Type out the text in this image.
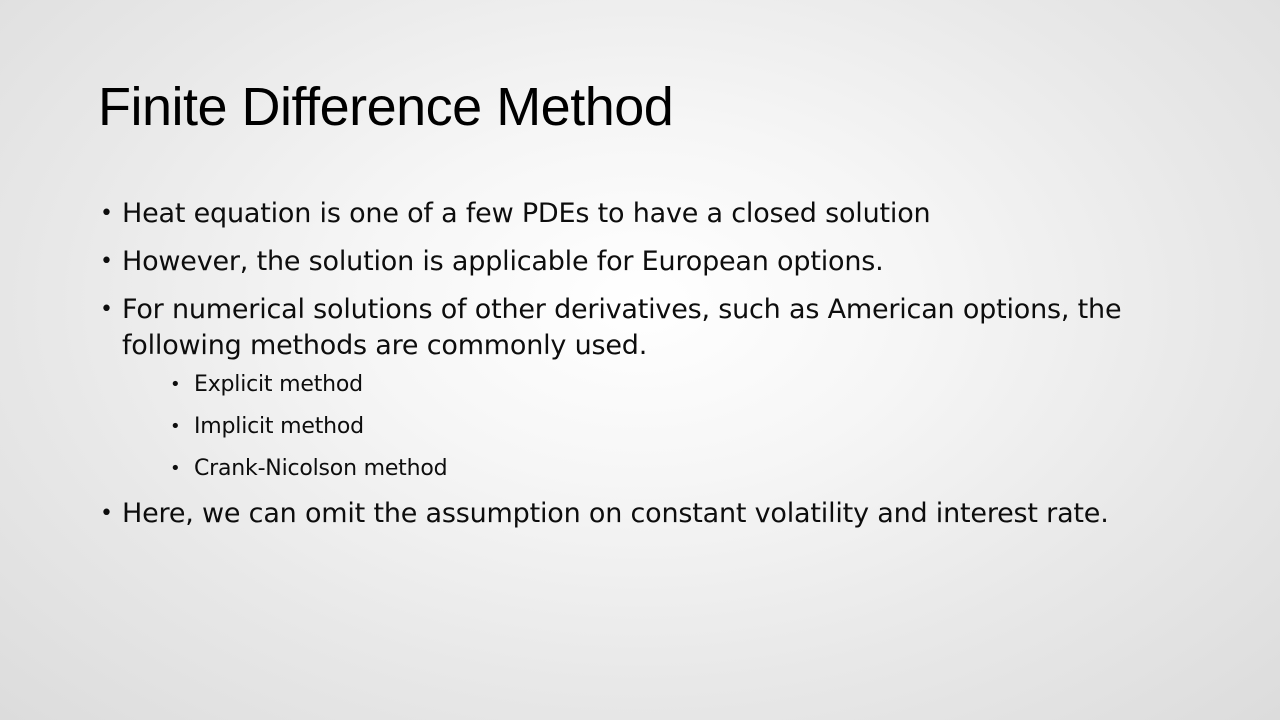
Finite Difference Method
• Heat equation is one of a few PDEs to have a closed solution
• However, the solution is applicable for European options.
• For numerical solutions of other derivatives, such as American options, the following methods are commonly used.
• Explicit method
• Implicit method
• Crank-Nicolson method
• Here, we can omit the assumption on constant volatility and interest rate.
